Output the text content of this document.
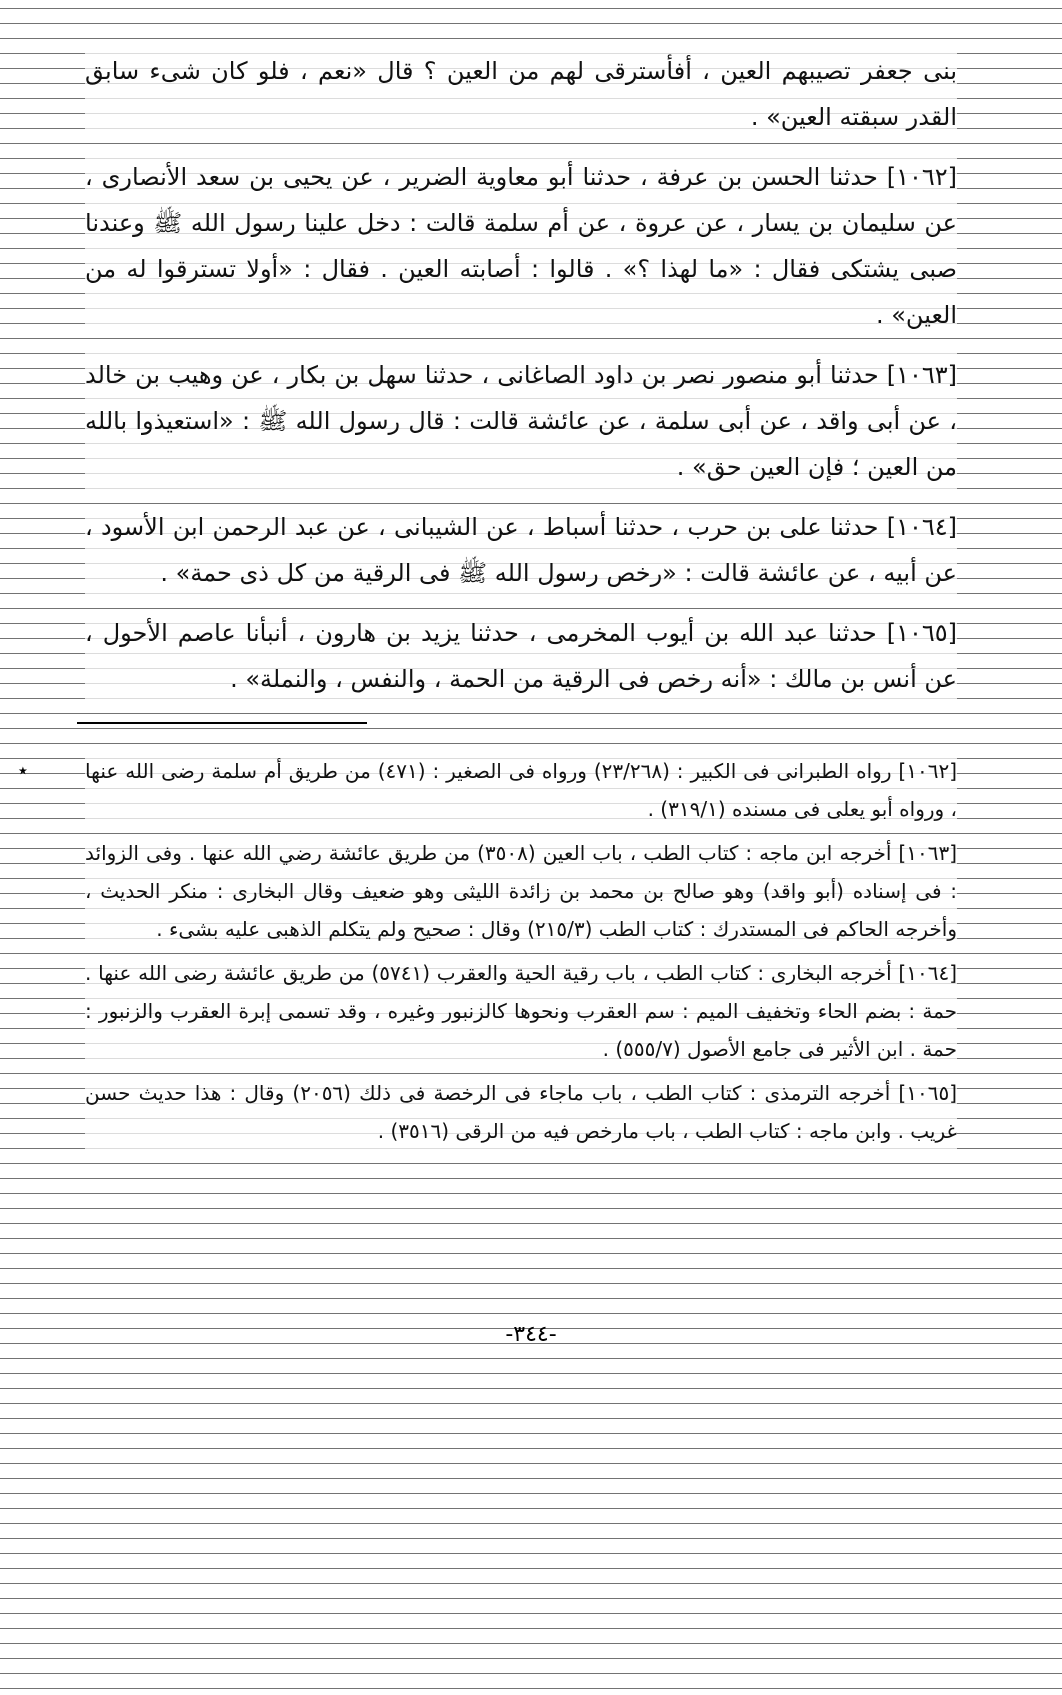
بنى جعفر تصيبهم العين ، أفأسترقى لهم من العين ؟ قال «نعم ، فلو كان شىء سابق القدر سبقته العين» .

[١٠٦٢] حدثنا الحسن بن عرفة ، حدثنا أبو معاوية الضرير ، عن يحيى بن سعد الأنصارى ، عن سليمان بن يسار ، عن عروة ، عن أم سلمة قالت : دخل علينا رسول الله ﷺ وعندنا صبى يشتكى فقال : «ما لهذا ؟» . قالوا : أصابته العين . فقال : «أولا تسترقوا له من العين» .

[١٠٦٣] حدثنا أبو منصور نصر بن داود الصاغانى ، حدثنا سهل بن بكار ، عن وهيب بن خالد ، عن أبى واقد ، عن أبى سلمة ، عن عائشة قالت : قال رسول الله ﷺ : «استعيذوا بالله من العين ؛ فإن العين حق» .

[١٠٦٤] حدثنا على بن حرب ، حدثنا أسباط ، عن الشيبانى ، عن عبد الرحمن ابن الأسود ، عن أبيه ، عن عائشة قالت : «رخص رسول الله ﷺ فى الرقية من كل ذى حمة» .

[١٠٦٥] حدثنا عبد الله بن أيوب المخرمى ، حدثنا يزيد بن هارون ، أنبأنا عاصم الأحول ، عن أنس بن مالك : «أنه رخص فى الرقية من الحمة ، والنفس ، والنملة» .

[١٠٦٢] رواه الطبرانى فى الكبير : (٢٣/٢٦٨) ورواه فى الصغير : (٤٧١) من طريق أم سلمة رضى الله عنها ، ورواه أبو يعلى فى مسنده (٣١٩/١) .

[١٠٦٣] أخرجه ابن ماجه : كتاب الطب ، باب العين (٣٥٠٨) من طريق عائشة رضي الله عنها . وفى الزوائد : فى إسناده (أبو واقد) وهو صالح بن محمد بن زائدة الليثى وهو ضعيف وقال البخارى : منكر الحديث ، وأخرجه الحاكم فى المستدرك : كتاب الطب (٢١٥/٣) وقال : صحيح ولم يتكلم الذهبى عليه بشىء .

[١٠٦٤] أخرجه البخارى : كتاب الطب ، باب رقية الحية والعقرب (٥٧٤١) من طريق عائشة رضى الله عنها . حمة : بضم الحاء وتخفيف الميم : سم العقرب ونحوها كالزنبور وغيره ، وقد تسمى إبرة العقرب والزنبور : حمة . ابن الأثير فى جامع الأصول (٥٥٥/٧) .

[١٠٦٥] أخرجه الترمذى : كتاب الطب ، باب ماجاء فى الرخصة فى ذلك (٢٠٥٦) وقال : هذا حديث حسن غريب . وابن ماجه : كتاب الطب ، باب مارخص فيه من الرقى (٣٥١٦) .

-٣٤٤-
٭
